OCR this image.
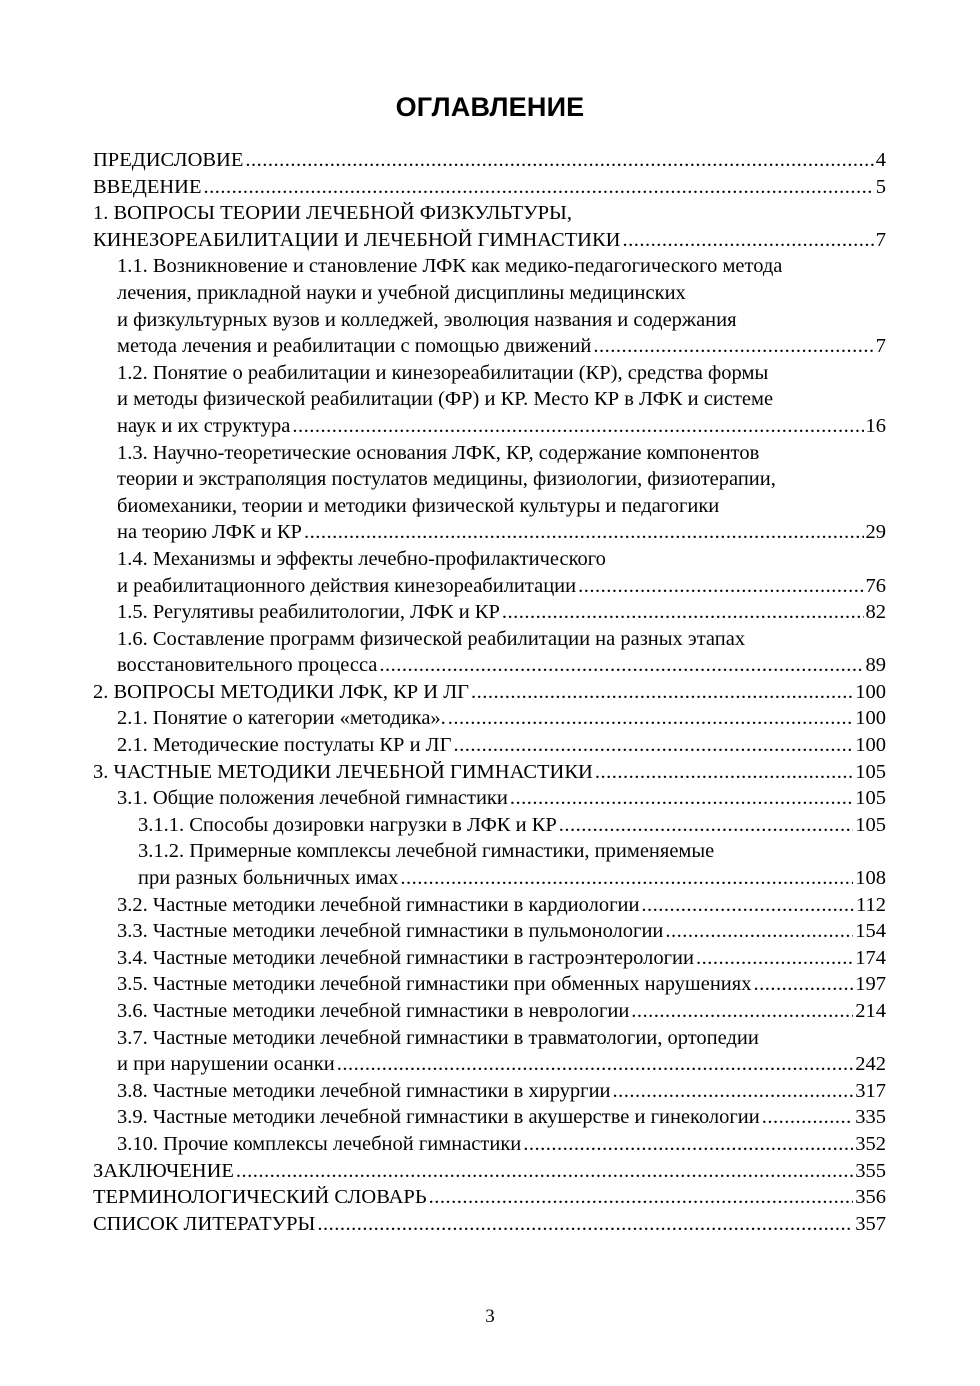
ОГЛАВЛЕНИЕ
ПРЕДИСЛОВИЕ .....	4
ВВЕДЕНИЕ .....	5
1. ВОПРОСЫ ТЕОРИИ ЛЕЧЕБНОЙ ФИЗКУЛЬТУРЫ,
КИНЕЗОРЕАБИЛИТАЦИИ И ЛЕЧЕБНОЙ ГИМНАСТИКИ .....	7
1.1. Возникновение и становление ЛФК как медико-педагогического метода
лечения, прикладной науки и учебной дисциплины медицинских
и физкультурных вузов и колледжей, эволюция названия и содержания
метода лечения и реабилитации с помощью движений .....	7
1.2. Понятие о реабилитации и кинезореабилитации (КР), средства формы
и методы физической реабилитации (ФР) и КР. Место КР в ЛФК и системе
наук и их структура .....	16
1.3. Научно-теоретические основания ЛФК, КР, содержание компонентов
теории и экстраполяция постулатов медицины, физиологии, физиотерапии,
биомеханики, теории и методики физической культуры и педагогики
на теорию ЛФК и КР .....	29
1.4. Механизмы и эффекты лечебно-профилактического
и реабилитационного действия кинезореабилитации .....	76
1.5. Регулятивы реабилитологии, ЛФК и КР .....	82
1.6. Составление программ физической реабилитации на разных этапах
восстановительного процесса .....	89
2. ВОПРОСЫ МЕТОДИКИ ЛФК, КР И ЛГ .....	100
2.1. Понятие о категории «методика». .....	100
2.1. Методические постулаты КР и ЛГ .....	100
3. ЧАСТНЫЕ МЕТОДИКИ ЛЕЧЕБНОЙ ГИМНАСТИКИ .....	105
3.1. Общие положения лечебной гимнастики .....	105
3.1.1. Способы дозировки нагрузки в ЛФК и КР .....	105
3.1.2. Примерные комплексы лечебной гимнастики, применяемые
при разных больничных имах .....	108
3.2. Частные методики лечебной гимнастики в кардиологии .....	112
3.3. Частные методики лечебной гимнастики в пульмонологии .....	154
3.4. Частные методики лечебной гимнастики в гастроэнтерологии .....	174
3.5. Частные методики лечебной гимнастики при обменных нарушениях .....	197
3.6. Частные методики лечебной гимнастики в неврологии .....	214
3.7. Частные методики лечебной гимнастики в травматологии, ортопедии
и при нарушении осанки .....	242
3.8. Частные методики лечебной гимнастики в хирургии .....	317
3.9. Частные методики лечебной гимнастики в акушерстве и гинекологии .....	335
3.10. Прочие комплексы лечебной гимнастики .....	352
ЗАКЛЮЧЕНИЕ .....	355
ТЕРМИНОЛОГИЧЕСКИЙ СЛОВАРЬ .....	356
СПИСОК ЛИТЕРАТУРЫ .....	357
3
